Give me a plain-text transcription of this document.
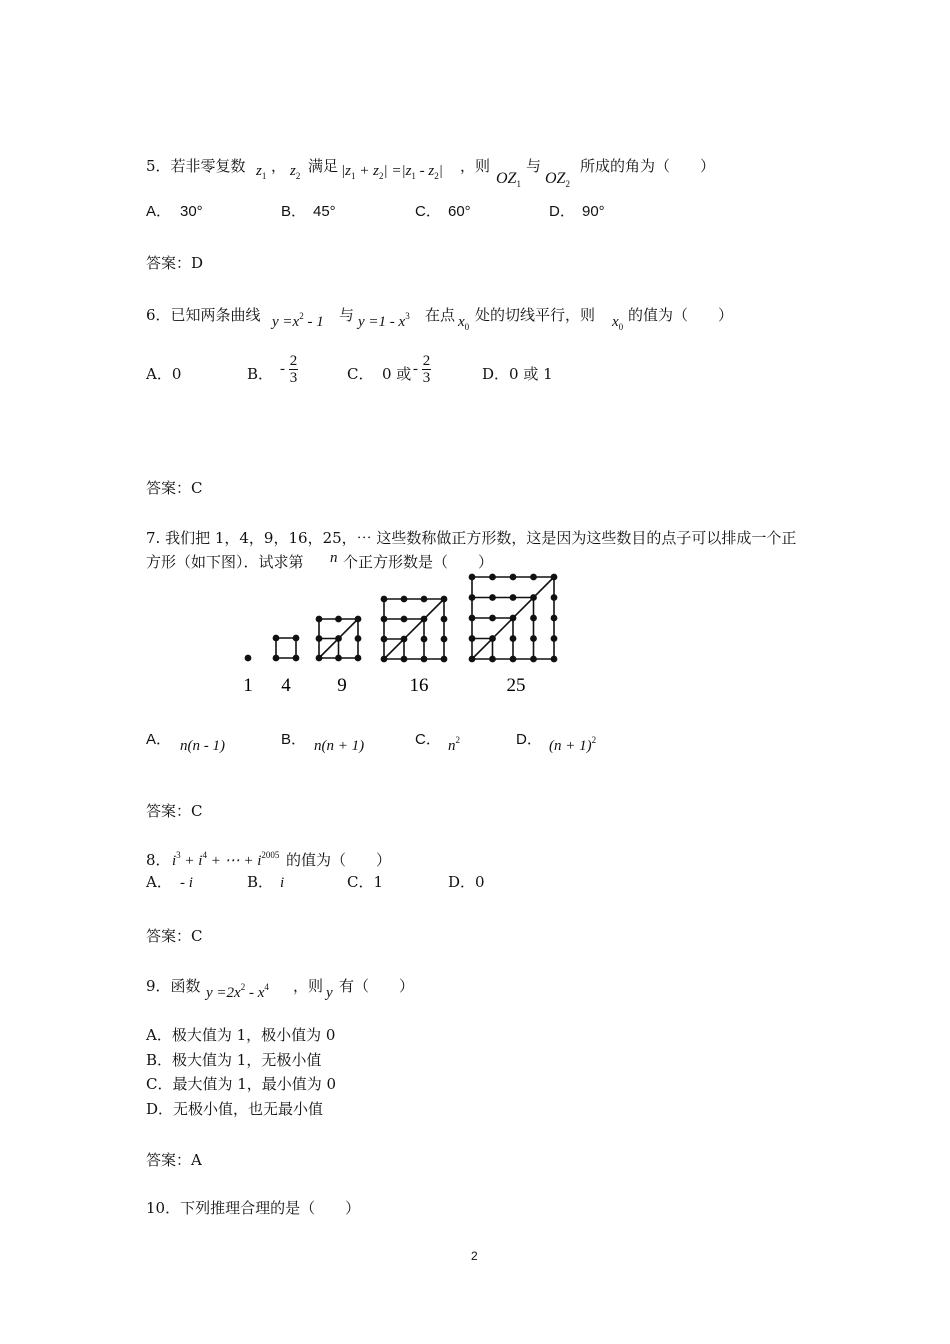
5．若非零复数 $z_1$
， $z_2$
满足 $|z_1 + z_2| =|z_1 - z_2|$ ，则
$OZ_1$
与
$OZ_2$
所成的角为（　　）
A． 30°	B． 45°	C． 60°	D． 90°
答案：D
6．已知两条曲线 $y =x^2 - 1$ 与 $y =1 - x^3$ 在点 $x_0$
处的切线平行，则 $x_0$
的值为（　　）
A．0	B． - $\frac{2}{3}$	C． 0 或 - $\frac{2}{3}$	D．0 或 1
答案：C
7. 我们把 1，4，9，16，25，⋯ 这些数称做正方形数，这是因为这些数目的点子可以排成一个正
方形（如下图）．试求第 n 个正方形数是（　　）
1 4 9	16	25
A． n(n - 1)	B． n(n + 1)	C． $n^2$	D． $(n + 1)^2$
答案：C
8． $i^3 + i^4$ + ⋯ + $i^{2005}$ 的值为（　　）
A． - i	B． i	C．1	D．0
答案：C
9．函数 $y =2x^2 - x^4$ ，则 y 有（　　）
A．极大值为 1，极小值为 0
B．极大值为 1，无极小值
C．最大值为 1，最小值为 0
D．无极小值，也无最小值
答案：A
10．下列推理合理的是（　　）
2
